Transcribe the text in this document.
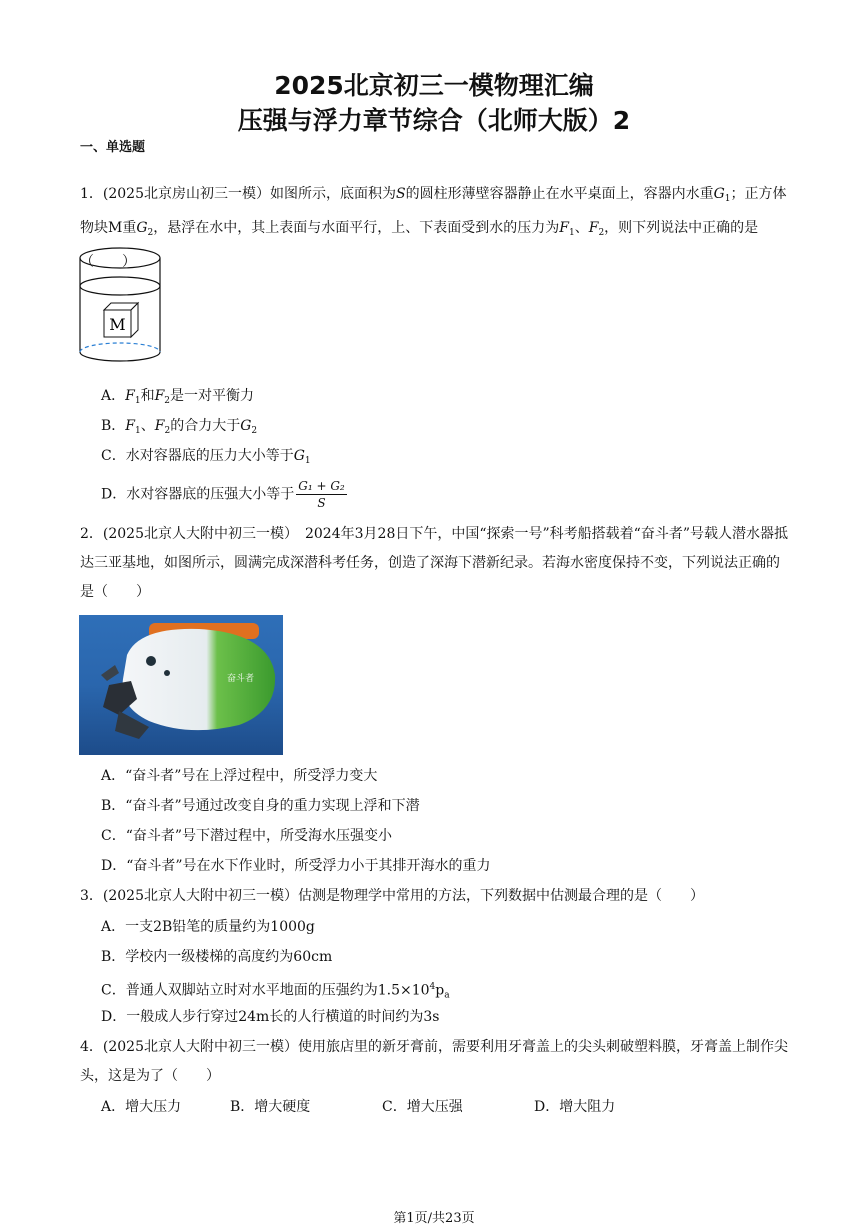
2025北京初三一模物理汇编
压强与浮力章节综合（北师大版）2
一、单选题
1．(2025北京房山初三一模）如图所示，底面积为S的圆柱形薄壁容器静止在水平桌面上，容器内水重$G_1$；正方体物块M重$G_2$，悬浮在水中，其上表面与水面平行，上、下表面受到水的压力为$F_1$、$F_2$，则下列说法中正确的是（　　）
M
A．$F_1$和$F_2$是一对平衡力
B．$F_1$、$F_2$的合力大于$G_2$
C．水对容器底的压力大小等于$G_1$
D．水对容器底的压强大小等于 $\frac{\text{G₁ + G₂}}{S}$
2．(2025北京人大附中初三一模）　2024年3月28日下午，中国“探索一号”科考船搭载着“奋斗者”号载人潜水器抵达三亚基地，如图所示，圆满完成深潜科考任务，创造了深海下潜新纪录。若海水密度保持不变，下列说法正确的是（　　）
奋斗者
A．“奋斗者”号在上浮过程中，所受浮力变大
B．“奋斗者”号通过改变自身的重力实现上浮和下潜
C．“奋斗者”号下潜过程中，所受海水压强变小
D．“奋斗者”号在水下作业时，所受浮力小于其排开海水的重力
3．(2025北京人大附中初三一模）估测是物理学中常用的方法，下列数据中估测最合理的是（　　）
A．一支2B铅笔的质量约为1000g
B．学校内一级楼梯的高度约为60cm
C．普通人双脚站立时对水平地面的压强约为$1.5\times 10^4p_a$
D．一般成人步行穿过24m长的人行横道的时间约为3s
4．(2025北京人大附中初三一模）使用旅店里的新牙膏前，需要利用牙膏盖上的尖头刺破塑料膜，牙膏盖上制作尖头，这是为了（　　）
A．增大压力	B．增大硬度	C．增大压强	D．增大阻力
第1页/共23页
